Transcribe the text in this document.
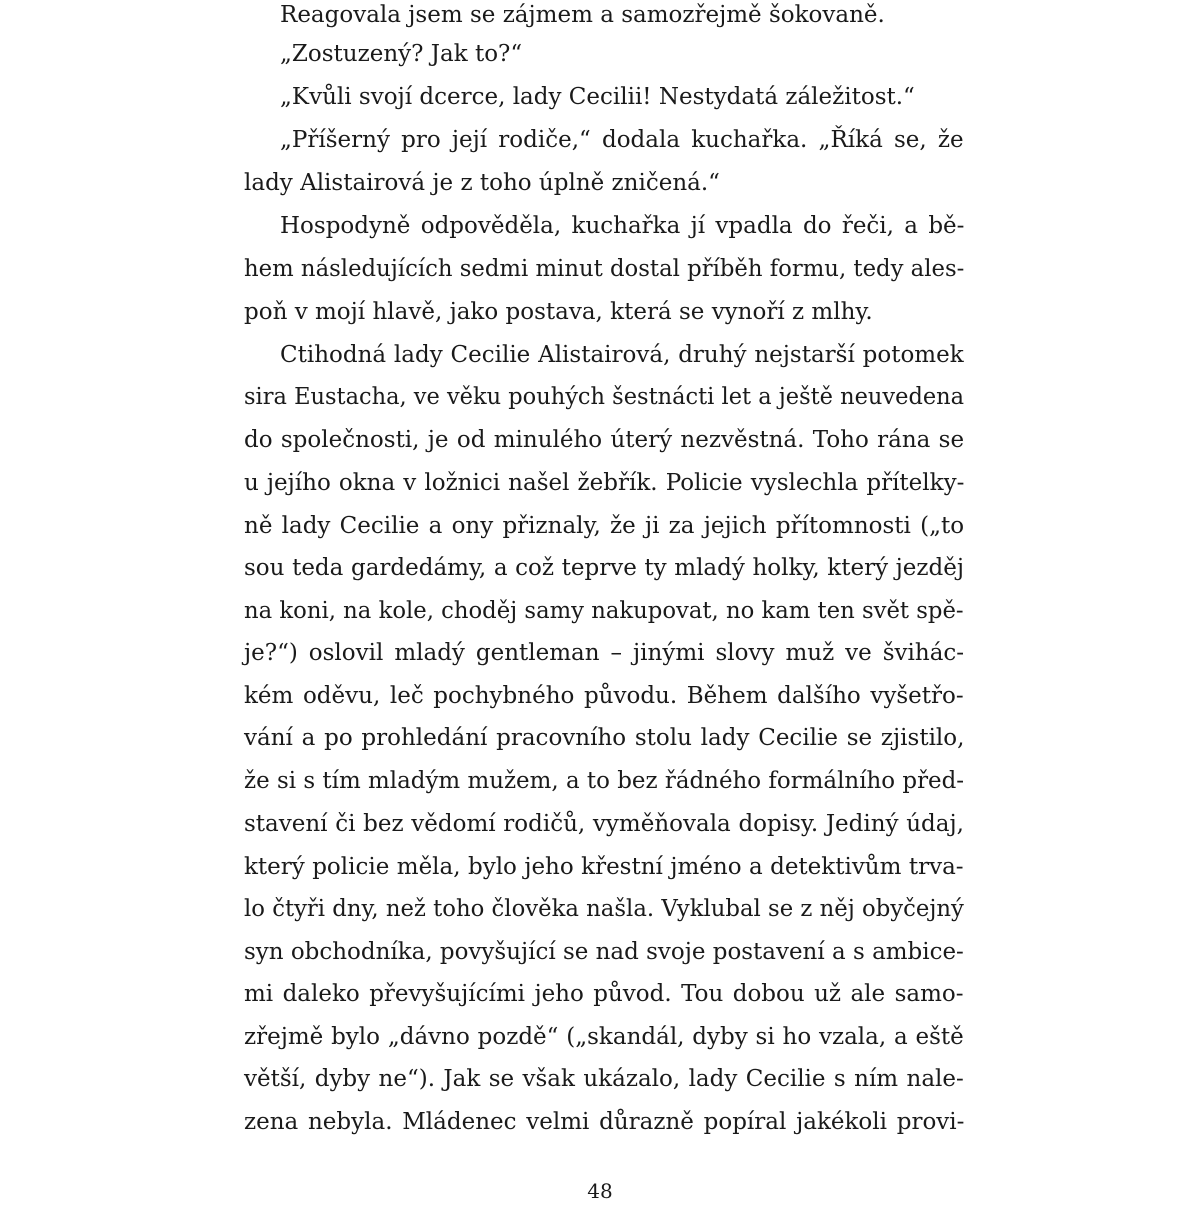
Reagovala jsem se zájmem a samozřejmě šokovaně.
„Zostuzený? Jak to?“
„Kvůli svojí dcerce, lady Cecilii! Nestydatá záležitost.“
„Příšerný pro její rodiče,“ dodala kuchařka. „Říká se, že
lady Alistairová je z toho úplně zničená.“
Hospodyně odpověděla, kuchařka jí vpadla do řeči, a bě-
hem následujících sedmi minut dostal příběh formu, tedy ales-
poň v mojí hlavě, jako postava, která se vynoří z mlhy.
Ctihodná lady Cecilie Alistairová, druhý nejstarší potomek
sira Eustacha, ve věku pouhých šestnácti let a ještě neuvedena
do společnosti, je od minulého úterý nezvěstná. Toho rána se
u jejího okna v ložnici našel žebřík. Policie vyslechla přítelky-
ně lady Cecilie a ony přiznaly, že ji za jejich přítomnosti („to
sou teda gardedámy, a což teprve ty mladý holky, který jezděj
na koni, na kole, choděj samy nakupovat, no kam ten svět spě-
je?“) oslovil mladý gentleman – jinými slovy muž ve šviháс-
kém oděvu, leč pochybného původu. Během dalšího vyšetřo-
vání a po prohledání pracovního stolu lady Cecilie se zjistilo,
že si s tím mladým mužem, a to bez řádného formálního před-
stavení či bez vědomí rodičů, vyměňovala dopisy. Jediný údaj,
který policie měla, bylo jeho křestní jméno a detektivům trva-
lo čtyři dny, než toho člověka našla. Vyklubal se z něj obyčejný
syn obchodníka, povyšující se nad svoje postavení a s ambice-
mi daleko převyšujícími jeho původ. Tou dobou už ale samo-
zřejmě bylo „dávno pozdě“ („skandál, dyby si ho vzala, a eště
větší, dyby ne“). Jak se však ukázalo, lady Cecilie s ním nale-
zena nebyla. Mládenec velmi důrazně popíral jakékoli provi-
48
